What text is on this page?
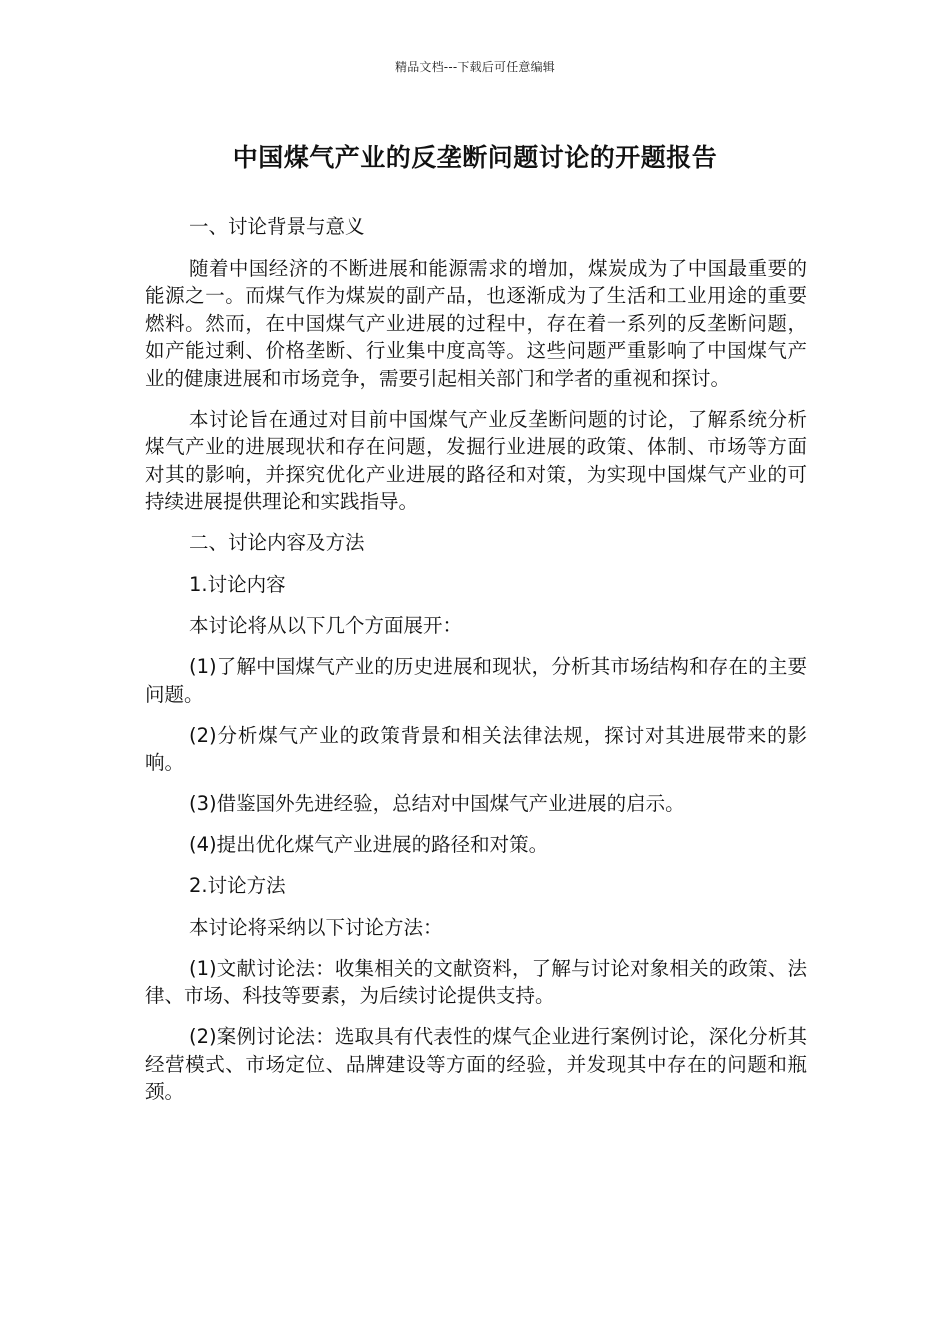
精品文档---下载后可任意编辑
中国煤气产业的反垄断问题讨论的开题报告

一、讨论背景与意义

随着中国经济的不断进展和能源需求的增加，煤炭成为了中国最重要的能源之一。而煤气作为煤炭的副产品，也逐渐成为了生活和工业用途的重要燃料。然而，在中国煤气产业进展的过程中，存在着一系列的反垄断问题，如产能过剩、价格垄断、行业集中度高等。这些问题严重影响了中国煤气产业的健康进展和市场竞争，需要引起相关部门和学者的重视和探讨。

本讨论旨在通过对目前中国煤气产业反垄断问题的讨论，了解系统分析煤气产业的进展现状和存在问题，发掘行业进展的政策、体制、市场等方面对其的影响，并探究优化产业进展的路径和对策，为实现中国煤气产业的可持续进展提供理论和实践指导。

二、讨论内容及方法

1.讨论内容

本讨论将从以下几个方面展开：

(1)了解中国煤气产业的历史进展和现状，分析其市场结构和存在的主要问题。

(2)分析煤气产业的政策背景和相关法律法规，探讨对其进展带来的影响。

(3)借鉴国外先进经验，总结对中国煤气产业进展的启示。

(4)提出优化煤气产业进展的路径和对策。

2.讨论方法

本讨论将采纳以下讨论方法：

(1)文献讨论法：收集相关的文献资料，了解与讨论对象相关的政策、法律、市场、科技等要素，为后续讨论提供支持。

(2)案例讨论法：选取具有代表性的煤气企业进行案例讨论，深化分析其经营模式、市场定位、品牌建设等方面的经验，并发现其中存在的问题和瓶颈。
